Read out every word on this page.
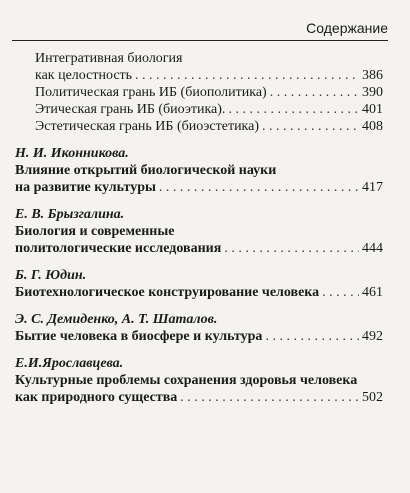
Содержание
Интегративная биология
как целостность . . .	386
Политическая грань ИБ (биополитика) . . .	390
Этическая грань ИБ (биоэтика). . . .	401
Эстетическая грань ИБ (биоэстетика) . . .	408
Н. И. Иконникова.
Влияние открытий биологической науки
на развитие культуры . . .	417
Е. В. Брызгалина.
Биология и современные
политологические исследования . . .	444
Б. Г. Юдин.
Биотехнологическое конструирование человека . . .	461
Э. С. Демиденко, А. Т. Шаталов.
Бытие человека в биосфере и культура . . .	492
Е.И.Ярославцева.
Культурные проблемы сохранения здоровья человека
как природного существа . . .	502
